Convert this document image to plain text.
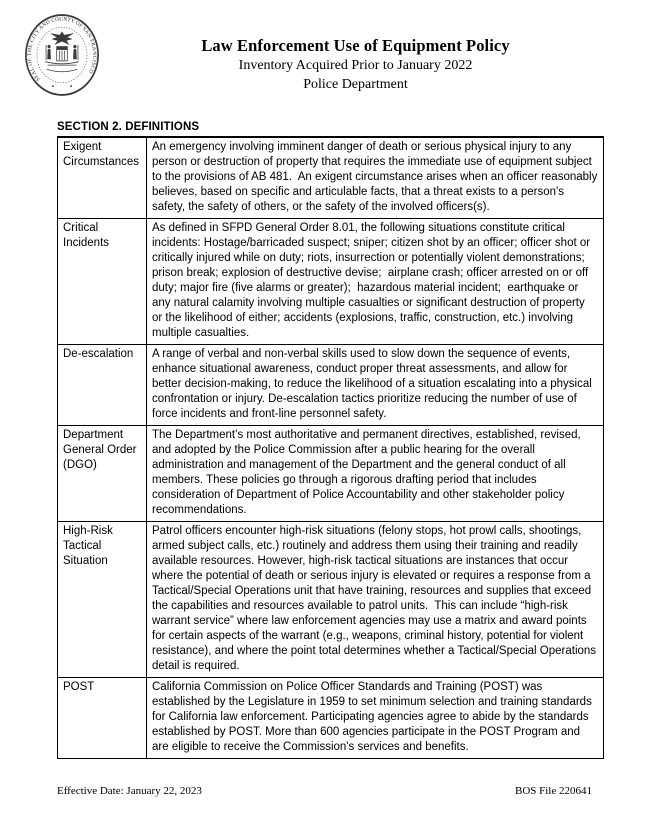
SEAL OF THE CITY AND COUNTY OF SAN FRANCISCO
Law Enforcement Use of Equipment Policy
Inventory Acquired Prior to January 2022
Police Department
SECTION 2. DEFINITIONS
Exigent Circumstances	An emergency involving imminent danger of death or serious physical injury to any person or destruction of property that requires the immediate use of equipment subject to the provisions of AB 481.  An exigent circumstance arises when an officer reasonably believes, based on specific and articulable facts, that a threat exists to a person's safety, the safety of others, or the safety of the involved officers(s).
Critical Incidents	As defined in SFPD General Order 8.01, the following situations constitute critical incidents: Hostage/barricaded suspect; sniper; citizen shot by an officer; officer shot or critically injured while on duty; riots, insurrection or potentially violent demonstrations; prison break; explosion of destructive devise;  airplane crash; officer arrested on or off duty; major fire (five alarms or greater);  hazardous material incident;  earthquake or any natural calamity involving multiple casualties or significant destruction of property or the likelihood of either; accidents (explosions, traffic, construction, etc.) involving multiple casualties.
De-escalation	A range of verbal and non-verbal skills used to slow down the sequence of events, enhance situational awareness, conduct proper threat assessments, and allow for better decision-making, to reduce the likelihood of a situation escalating into a physical confrontation or injury. De-escalation tactics prioritize reducing the number of use of force incidents and front-line personnel safety.
Department General Order (DGO)	The Department’s most authoritative and permanent directives, established, revised, and adopted by the Police Commission after a public hearing for the overall administration and management of the Department and the general conduct of all members. These policies go through a rigorous drafting period that includes consideration of Department of Police Accountability and other stakeholder policy recommendations.
High-Risk Tactical Situation	Patrol officers encounter high-risk situations (felony stops, hot prowl calls, shootings, armed subject calls, etc.) routinely and address them using their training and readily available resources. However, high-risk tactical situations are instances that occur where the potential of death or serious injury is elevated or requires a response from a Tactical/Special Operations unit that have training, resources and supplies that exceed the capabilities and resources available to patrol units.  This can include “high-risk warrant service” where law enforcement agencies may use a matrix and award points for certain aspects of the warrant (e.g., weapons, criminal history, potential for violent resistance), and where the point total determines whether a Tactical/Special Operations detail is required.
POST	California Commission on Police Officer Standards and Training (POST) was established by the Legislature in 1959 to set minimum selection and training standards for California law enforcement. Participating agencies agree to abide by the standards established by POST. More than 600 agencies participate in the POST Program and are eligible to receive the Commission's services and benefits.
Effective Date: January 22, 2023	BOS File 220641
